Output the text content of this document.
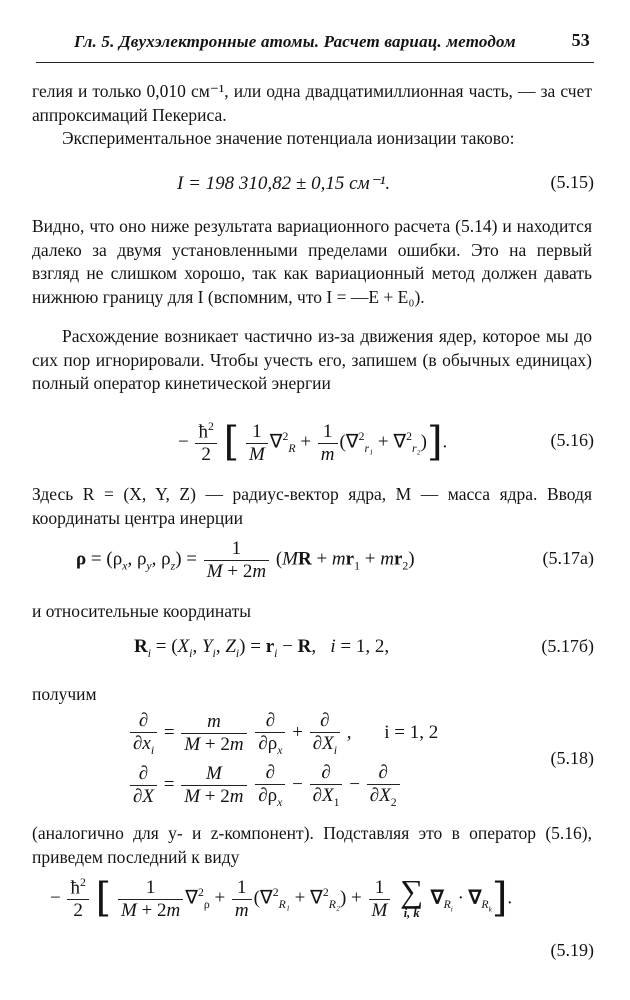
Гл. 5. Двухэлектронные атомы. Расчет вариац. методом	53
гелия и только 0,010 см⁻¹, или одна двадцатимиллионная часть, — за счет аппроксимаций Пекериса.
Экспериментальное значение потенциала ионизации таково:
I = 198 310,82 ± 0,15 см⁻¹.	(5.15)
Видно, что оно ниже результата вариационного расчета (5.14) и находится далеко за двумя установленными пределами ошибки. Это на первый взгляд не слишком хорошо, так как вариационный метод должен давать нижнюю границу для I (вспомним, что I = —E + E₀).
Расхождение возникает частично из-за движения ядер, которое мы до сих пор игнорировали. Чтобы учесть его, запишем (в обычных единицах) полный оператор кинетической энергии
− $\frac{ħ^2}{2}$ [ $\frac{1}{M} \nabla^2_R + \frac{1}{m} (\nabla^2_{r_1} + \nabla^2_{r_2})$].	(5.16)
Здесь R = (X, Y, Z) — радиус-вектор ядра, M — масса ядра. Вводя координаты центра инерции
$\rho = (\rho_x$, $\rho_y$, $\rho_z) = \frac{1}{M + 2m} (MR + mr_1 + mr_2)$	(5.17а)
и относительные координаты
$R_i = (X_i$, $Y_i$, $Z_i) = r_i - R$,   i = 1, 2,	(5.17б)
получим
$\frac{\partial}{\partial x_i} = \frac{m}{M + 2m}$
$\frac{\partial}{\partial\rho_x} + \frac{\partial}{\partial X_i}$ , i = 1, 2
$\frac{\partial}{\partial X} = \frac{M}{M + 2m}$
$\frac{\partial}{\partial\rho_x} - \frac{\partial}{\partial X_1} - \frac{\partial}{\partial X_2}$
(5.18)
(аналогично для y- и z-компонент). Подставляя это в оператор (5.16), приведем последний к виду
− $\frac{ħ^2}{2}$ [ $\frac{1}{M + 2m} \nabla^2_\rho + \frac{1}{m} (\nabla^2_{R_1} + \nabla^2_{R_2}) + \frac{1}{M}$
∑
i, k
$\nabla_{R_i} \cdot \nabla_{R_k}$].
(5.19)
